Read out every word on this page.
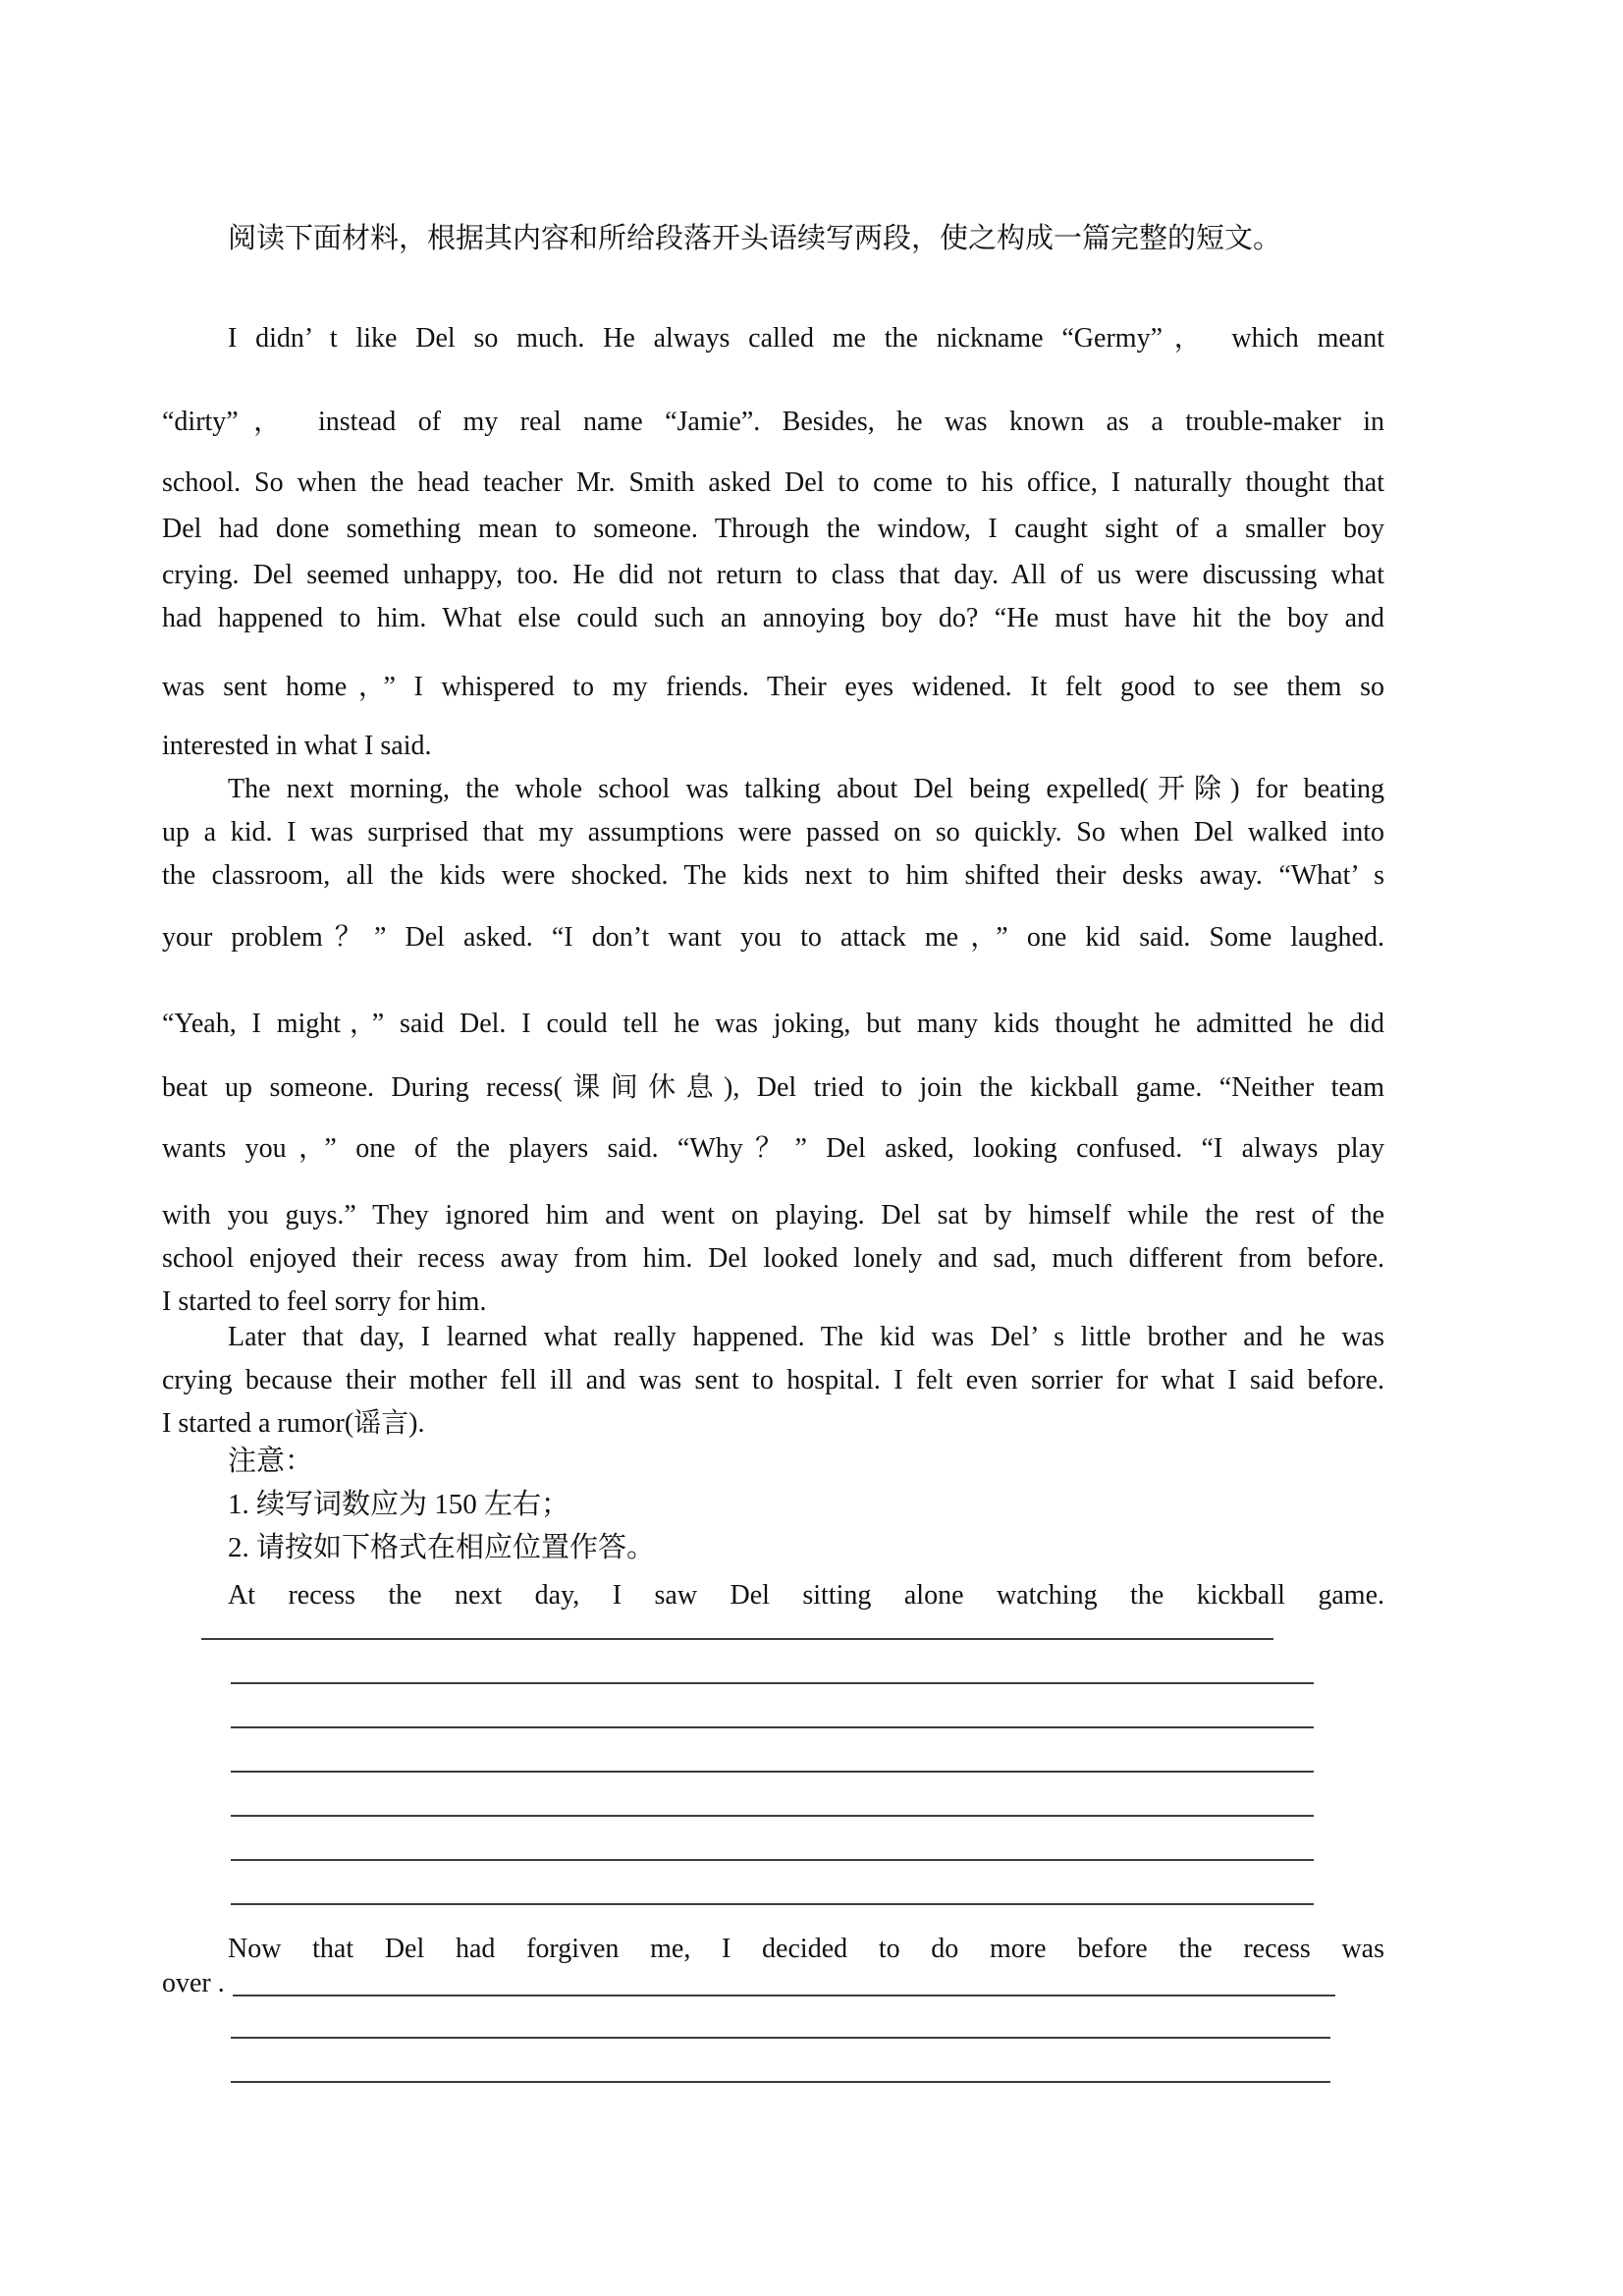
阅读下面材料，根据其内容和所给段落开头语续写两段，使之构成一篇完整的短文。
I didn’ t like Del so much. He always called me the nickname “Germy”， which meant
“dirty”， instead of my real name “Jamie”. Besides, he was known as a trouble-maker in
school. So when the head teacher Mr. Smith asked Del to come to his office, I naturally thought that
Del had done something mean to someone. Through the window, I caught sight of a smaller boy
crying. Del seemed unhappy, too. He did not return to class that day. All of us were discussing what
had happened to him. What else could such an annoying boy do? “He must have hit the boy and
was sent home，” I whispered to my friends. Their eyes widened. It felt good to see them so
interested in what I said.
The next morning, the whole school was talking about Del being expelled(开除) for beating
up a kid. I was surprised that my assumptions were passed on so quickly. So when Del walked into
the classroom, all the kids were shocked. The kids next to him shifted their desks away. “What’ s
your problem？” Del asked. “I don’t want you to attack me，” one kid said. Some laughed.
“Yeah, I might，” said Del. I could tell he was joking, but many kids thought he admitted he did
beat up someone. During recess(课间休息), Del tried to join the kickball game. “Neither team
wants you，” one of the players said. “Why？” Del asked, looking confused. “I always play
with you guys.” They ignored him and went on playing. Del sat by himself while the rest of the
school enjoyed their recess away from him. Del looked lonely and sad, much different from before.
I started to feel sorry for him.
Later that day, I learned what really happened. The kid was Del’ s little brother and he was
crying because their mother fell ill and was sent to hospital. I felt even sorrier for what I said before.
I started a rumor(谣言).
注意：
1. 续写词数应为 150 左右；
2. 请按如下格式在相应位置作答。
At recess the next day, I saw Del sitting alone watching the kickball game.
Now that Del had forgiven me, I decided to do more before the recess was
over .
